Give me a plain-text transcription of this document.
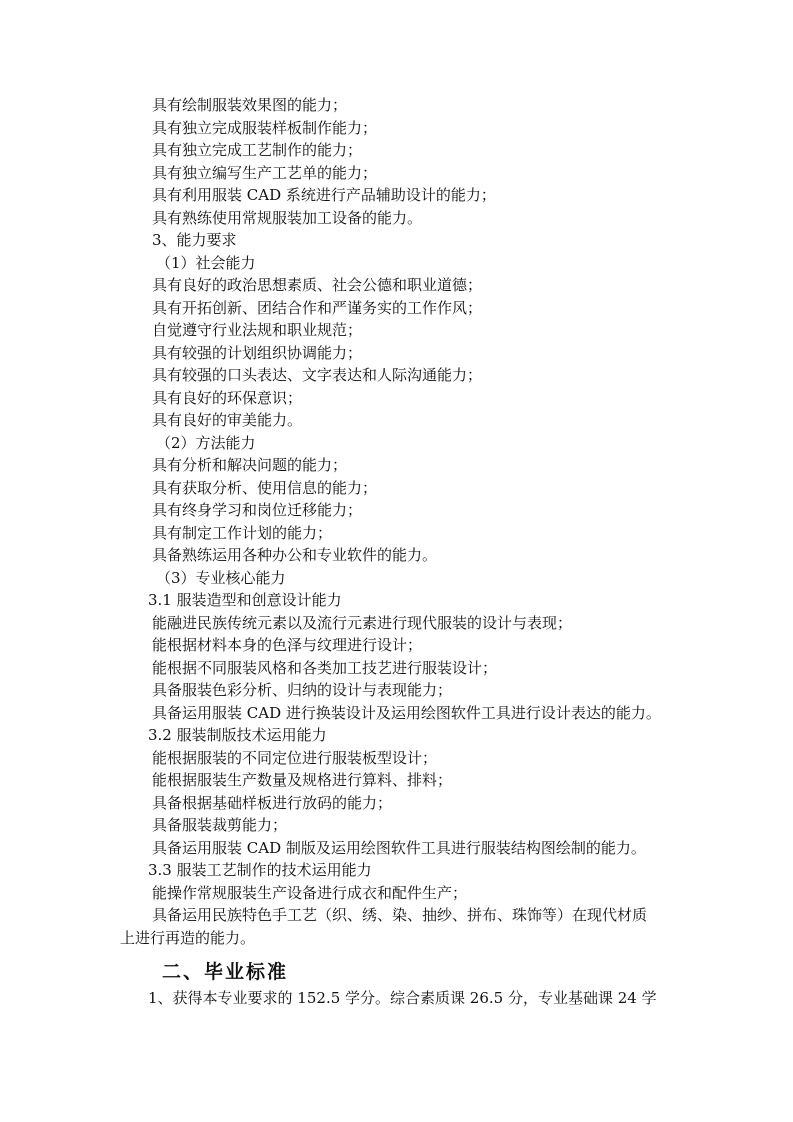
具有绘制服装效果图的能力；
具有独立完成服装样板制作能力；
具有独立完成工艺制作的能力；
具有独立编写生产工艺单的能力；
具有利用服装 CAD 系统进行产品辅助设计的能力；
具有熟练使用常规服装加工设备的能力。
3、能力要求
（1）社会能力
具有良好的政治思想素质、社会公德和职业道德；
具有开拓创新、团结合作和严谨务实的工作作风；
自觉遵守行业法规和职业规范；
具有较强的计划组织协调能力；
具有较强的口头表达、文字表达和人际沟通能力；
具有良好的环保意识；
具有良好的审美能力。
（2）方法能力
具有分析和解决问题的能力；
具有获取分析、使用信息的能力；
具有终身学习和岗位迁移能力；
具有制定工作计划的能力；
具备熟练运用各种办公和专业软件的能力。
（3）专业核心能力
3.1 服装造型和创意设计能力
能融进民族传统元素以及流行元素进行现代服装的设计与表现；
能根据材料本身的色泽与纹理进行设计；
能根据不同服装风格和各类加工技艺进行服装设计；
具备服装色彩分析、归纳的设计与表现能力；
具备运用服装 CAD 进行换装设计及运用绘图软件工具进行设计表达的能力。
3.2 服装制版技术运用能力
能根据服装的不同定位进行服装板型设计；
能根据服装生产数量及规格进行算料、排料；
具备根据基础样板进行放码的能力；
具备服装裁剪能力；
具备运用服装 CAD 制版及运用绘图软件工具进行服装结构图绘制的能力。
3.3 服装工艺制作的技术运用能力
能操作常规服装生产设备进行成衣和配件生产；
具备运用民族特色手工艺（织、绣、染、抽纱、拼布、珠饰等）在现代材质
上进行再造的能力。
二、毕业标准
1、获得本专业要求的 152.5 学分。综合素质课 26.5 分，专业基础课 24 学
